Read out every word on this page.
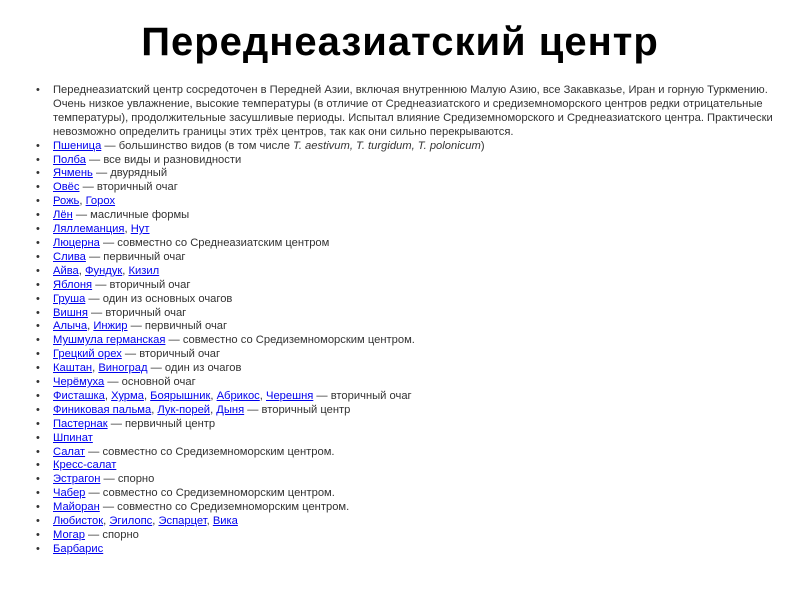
Переднеазиатский центр
•	Переднеазиатский центр сосредоточен в Передней Азии, включая внутреннюю Малую Азию, все Закавказье, Иран и горную Туркмению. Очень низкое увлажнение, высокие температуры (в отличие от Среднеазиатского и средиземноморского центров редки отрицательные температуры), продолжительные засушливые периоды. Испытал влияние Средиземноморского и Среднеазиатского центра. Практически невозможно определить границы этих трёх центров, так как они сильно перекрываются.
•	Пшеница — большинство видов (в том числе T. aestivum, T. turgidum, T. polonicum)
•	Полба — все виды и разновидности
•	Ячмень — двурядный
•	Овёс — вторичный очаг
•	Рожь, Горох
•	Лён — масличные формы
•	Ляллеманция, Нут
•	Люцерна — совместно со Среднеазиатским центром
•	Слива — первичный очаг
•	Айва, Фундук, Кизил
•	Яблоня — вторичный очаг
•	Груша — один из основных очагов
•	Вишня — вторичный очаг
•	Алыча, Инжир — первичный очаг
•	Мушмула германская — совместно со Средиземноморским центром.
•	Грецкий орех — вторичный очаг
•	Каштан, Виноград — один из очагов
•	Черёмуха — основной очаг
•	Фисташка, Хурма, Боярышник, Абрикос, Черешня — вторичный очаг
•	Финиковая пальма, Лук-порей, Дыня — вторичный центр
•	Пастернак — первичный центр
•	Шпинат
•	Салат — совместно со Средиземноморским центром.
•	Кресс-салат
•	Эстрагон — спорно
•	Чабер — совместно со Средиземноморским центром.
•	Майоран — совместно со Средиземноморским центром.
•	Любисток, Эгилопс, Эспарцет, Вика
•	Могар — спорно
•	Барбарис
